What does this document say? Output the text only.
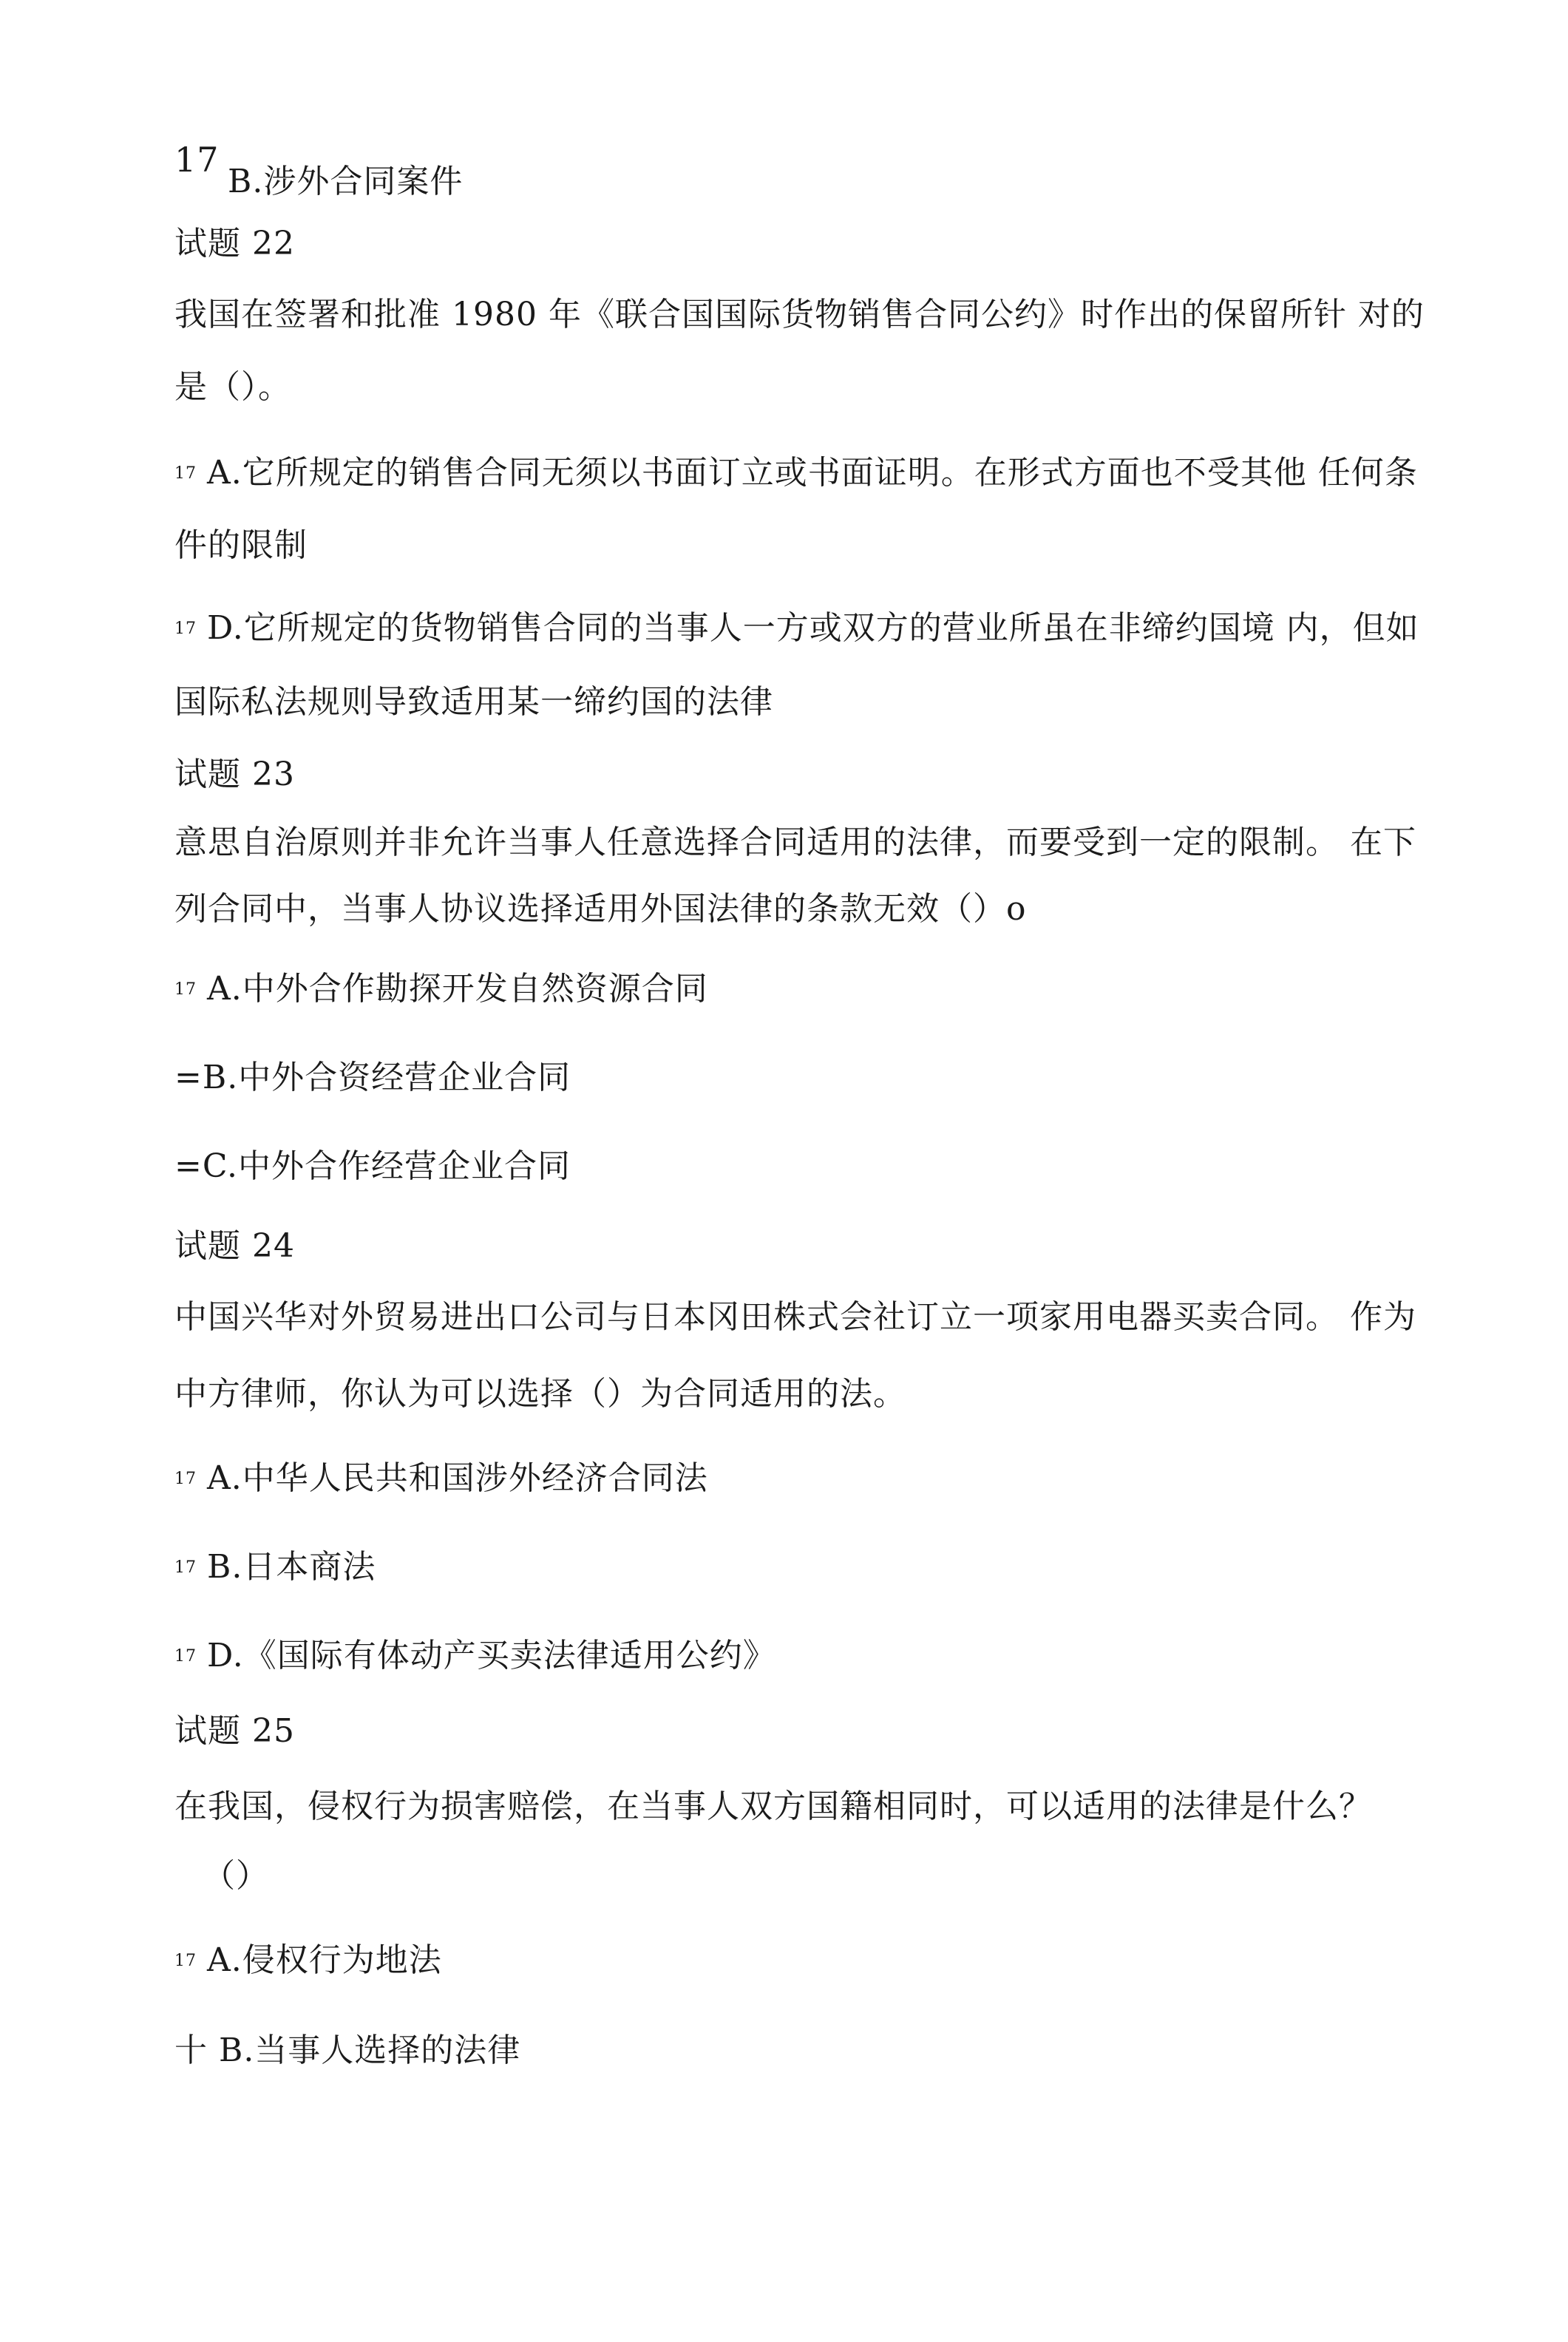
17
B.涉外合同案件
试题 22
我国在签署和批准 1980 年《联合国国际货物销售合同公约》时作出的保留所针 对的
是（）。
17 A.它所规定的销售合同无须以书面订立或书面证明。在形式方面也不受其他 任何条
件的限制
17 D.它所规定的货物销售合同的当事人一方或双方的营业所虽在非缔约国境 内，但如
国际私法规则导致适用某一缔约国的法律
试题 23
意思自治原则并非允许当事人任意选择合同适用的法律，而要受到一定的限制。 在下
列合同中，当事人协议选择适用外国法律的条款无效（）o
17 A.中外合作勘探开发自然资源合同
=B.中外合资经营企业合同
=C.中外合作经营企业合同
试题 24
中国兴华对外贸易进出口公司与日本冈田株式会社订立一项家用电器买卖合同。 作为
中方律师，你认为可以选择（）为合同适用的法。
17 A.中华人民共和国涉外经济合同法
17 B.日本商法
17 D.《国际有体动产买卖法律适用公约》
试题 25
在我国，侵权行为损害赔偿，在当事人双方国籍相同时，可以适用的法律是什么？
（）
17 A.侵权行为地法
十 B.当事人选择的法律
